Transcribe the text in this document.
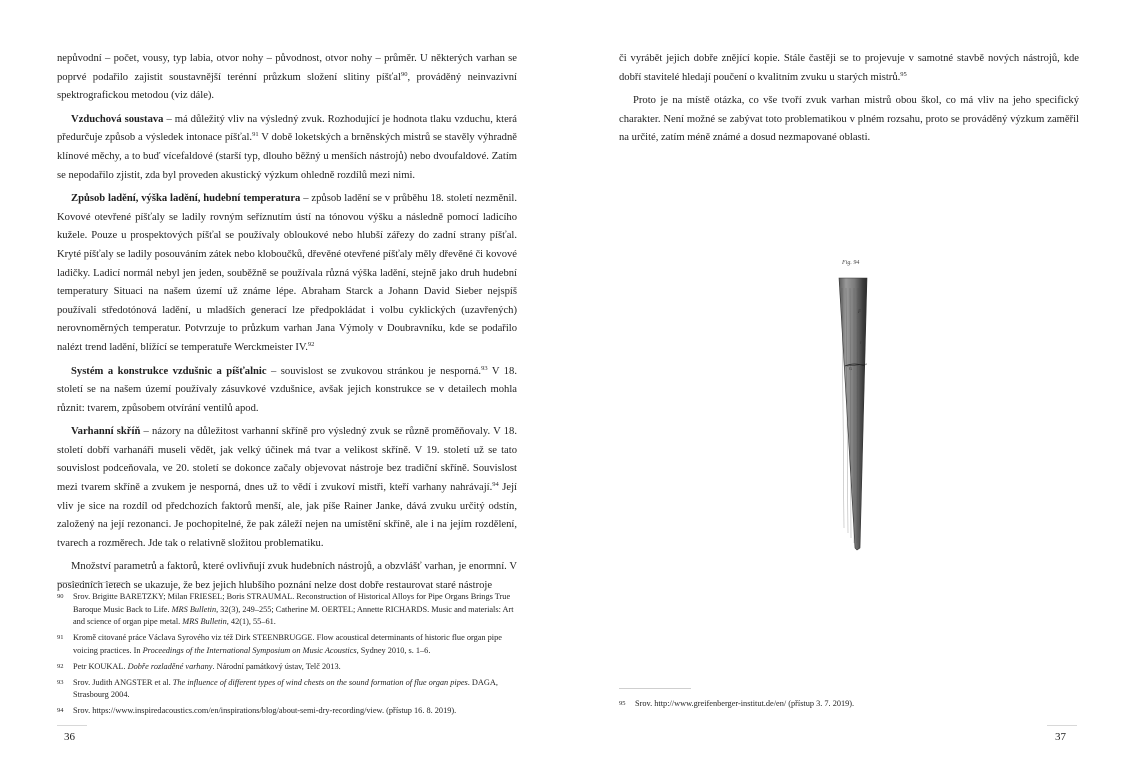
nepůvodní – počet, vousy, typ labia, otvor nohy – původnost, otvor nohy – průměr. U některých varhan se poprvé podařilo zajistit soustavnější terénní průzkum složení slitiny píšťal$^{90}$, prováděný neinvazivní spektrografickou metodou (viz dále).

Vzduchová soustava – má důležitý vliv na výsledný zvuk. Rozhodující je hodnota tlaku vzduchu, která předurčuje způsob a výsledek intonace píšťal.$^{91}$ V době loketských a brněnských mistrů se stavěly výhradně klínové měchy, a to buď vícefaldové (starší typ, dlouho běžný u menších nástrojů) nebo dvoufaldové. Zatím se nepodařilo zjistit, zda byl proveden akustický výzkum ohledně rozdílů mezi nimi.

Způsob ladění, výška ladění, hudební temperatura – způsob ladění se v průběhu 18. století nezměnil. Kovové otevřené píšťaly se ladily rovným seříznutím ústí na tónovou výšku a následně pomocí ladicího kužele. Pouze u prospektových píšťal se používaly obloukové nebo hlubší zářezy do zadní strany píšťal. Kryté píšťaly se ladily posouváním zátek nebo kloboučků, dřevěné otevřené píšťaly měly dřevěné či kovové ladičky. Ladicí normál nebyl jen jeden, souběžně se používala různá výška ladění, stejně jako druh hudební temperatury Situaci na našem území už známe lépe. Abraham Starck a Johann David Sieber nejspíš používali středotónová ladění, u mladších generací lze předpokládat i volbu cyklických (uzavřených) nerovnoměrných temperatur. Potvrzuje to průzkum varhan Jana Výmoly v Doubravníku, kde se podařilo nalézt trend ladění, blížící se temperatuře Werckmeister IV.$^{92}$

Systém a konstrukce vzdušnic a píšťalnic – souvislost se zvukovou stránkou je nesporná.$^{93}$ V 18. století se na našem území používaly zásuvkové vzdušnice, avšak jejich konstrukce se v detailech mohla různit: tvarem, způsobem otvírání ventilů apod.

Varhanní skříň – názory na důležitost varhanní skříně pro výsledný zvuk se různě proměňovaly. V 18. století dobří varhanáři museli vědět, jak velký účinek má tvar a velikost skříně. V 19. století už se tato souvislost podceňovala, ve 20. století se dokonce začaly objevovat nástroje bez tradiční skříně. Souvislost mezi tvarem skříně a zvukem je nesporná, dnes už to vědí i zvukoví mistři, kteří varhany nahrávají.$^{94}$ Její vliv je sice na rozdíl od předchozích faktorů menší, ale, jak píše Rainer Janke, dává zvuku určitý odstín, založený na její rezonanci. Je pochopitelné, že pak záleží nejen na umístění skříně, ale i na jejím rozdělení, tvarech a rozměrech. Jde tak o relativně složitou problematiku.

Množství parametrů a faktorů, které ovlivňují zvuk hudebních nástrojů, a obzvlášť varhan, je enormní. V posledních letech se ukazuje, že bez jejich hlubšího poznání nelze dost dobře restaurovat staré nástroje

90 Srov. Brigitte BARETZKY; Milan FRIESEL; Boris STRAUMAL. Reconstruction of Historical Alloys for Pipe Organs Brings True Baroque Music Back to Life. MRS Bulletin, 32(3), 249–255; Catherine M. OERTEL; Annette RICHARDS. Music and materials: Art and science of organ pipe metal. MRS Bulletin, 42(1), 55–61.
91 Kromě citované práce Václava Syrového viz též Dirk STEENBRUGGE. Flow acoustical determinants of historic flue organ pipe voicing practices. In Proceedings of the International Symposium on Music Acoustics, Sydney 2010, s. 1–6.
92 Petr KOUKAL. Dobře rozladěné varhany. Národní památkový ústav, Telč 2013.
93 Srov. Judith ANGSTER et al. The influence of different types of wind chests on the sound formation of flue organ pipes. DAGA, Strasbourg 2004.
94 Srov. https://www.inspiredacoustics.com/en/inspirations/blog/about-semi-dry-recording/view. (přístup 16. 8. 2019).
36

či vyrábět jejich dobře znějící kopie. Stále častěji se to projevuje v samotné stavbě nových nástrojů, kde dobří stavitelé hledají poučení o kvalitním zvuku u starých mistrů.$^{95}$

Proto je na místě otázka, co vše tvoří zvuk varhan mistrů obou škol, co má vliv na jeho specifický charakter. Není možné se zabývat toto problematikou v plném rozsahu, proto se prováděný výzkum zaměřil na určité, zatím méně známé a dosud nezmapované oblasti.

F
G
f
Fig. 94
95 Srov. http://www.greifenberger-institut.de/en/ (přístup 3. 7. 2019).
37
